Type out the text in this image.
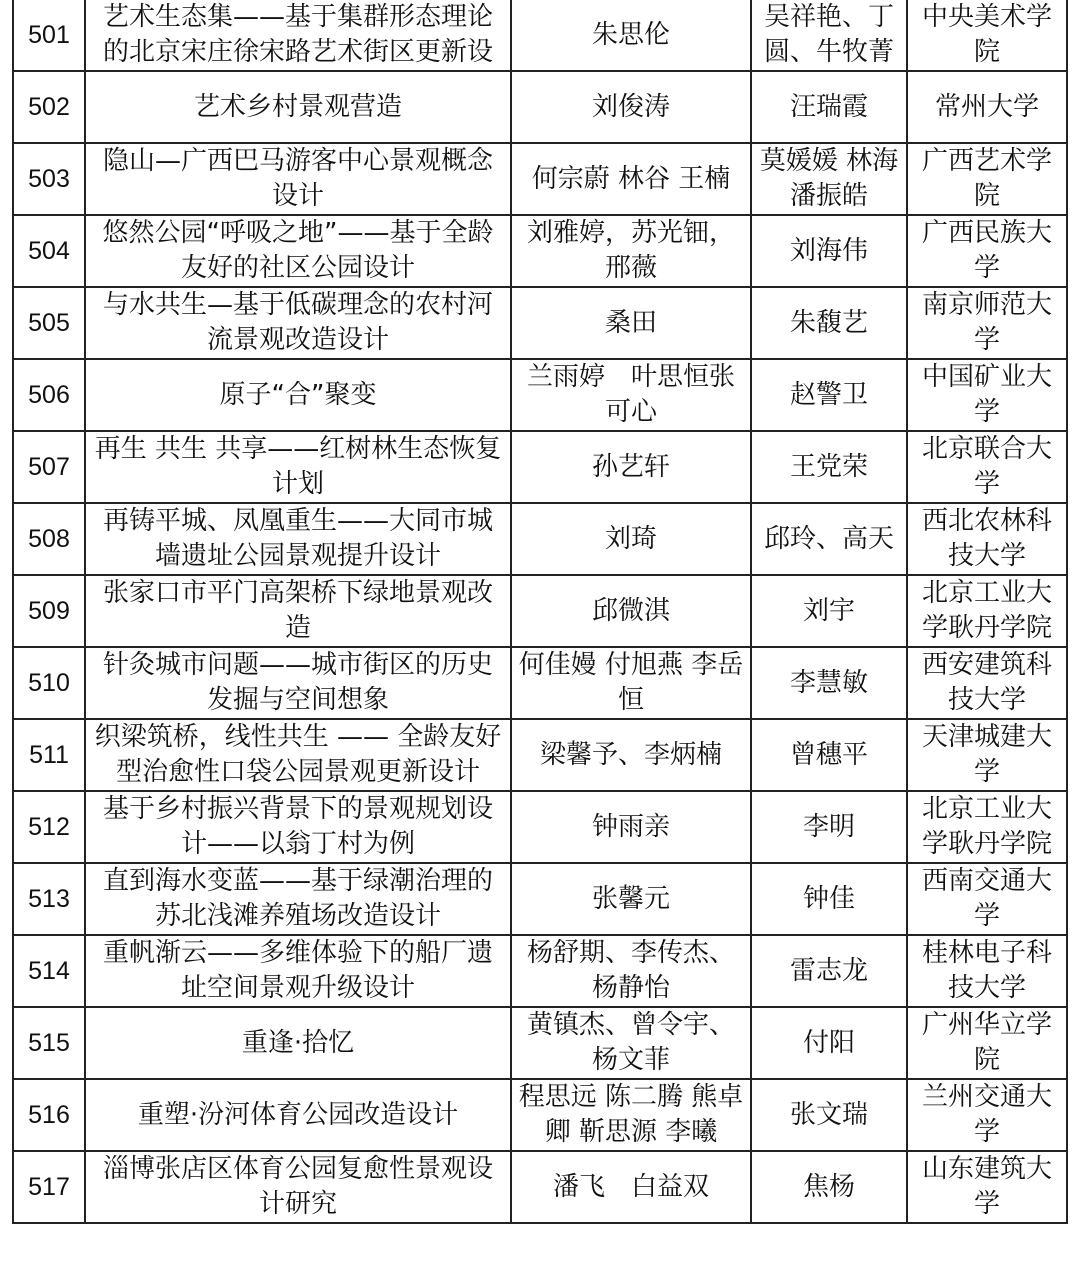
501	艺术生态集——基于集群形态理论的北京宋庄徐宋路艺术街区更新设	朱思伦	吴祥艳、丁圆、牛牧菁	中央美术学院
502	艺术乡村景观营造	刘俊涛	汪瑞霞	常州大学
503	隐山—广西巴马游客中心景观概念设计	何宗蔚 林谷 王楠	莫媛媛 林海 潘振皓	广西艺术学院
504	悠然公园“呼吸之地”——基于全龄友好的社区公园设计	刘雅婷，苏光钿，邢薇	刘海伟	广西民族大学
505	与水共生—基于低碳理念的农村河流景观改造设计	桑田	朱馥艺	南京师范大学
506	原子“合”聚变	兰雨婷　叶思恒张可心	赵警卫	中国矿业大学
507	再生 共生 共享——红树林生态恢复计划	孙艺轩	王党荣	北京联合大学
508	再铸平城、凤凰重生——大同市城墙遗址公园景观提升设计	刘琦	邱玲、高天	西北农林科技大学
509	张家口市平门高架桥下绿地景观改造	邱微淇	刘宇	北京工业大学耿丹学院
510	针灸城市问题——城市街区的历史发掘与空间想象	何佳嫚 付旭燕 李岳恒	李慧敏	西安建筑科技大学
511	织梁筑桥，线性共生 —— 全龄友好型治愈性口袋公园景观更新设计	梁馨予、李炳楠	曾穗平	天津城建大学
512	基于乡村振兴背景下的景观规划设计——以翁丁村为例	钟雨亲	李明	北京工业大学耿丹学院
513	直到海水变蓝——基于绿潮治理的苏北浅滩养殖场改造设计	张馨元	钟佳	西南交通大学
514	重帆渐云——多维体验下的船厂遗址空间景观升级设计	杨舒期、李传杰、杨静怡	雷志龙	桂林电子科技大学
515	重逢·拾忆	黄镇杰、曾令宇、杨文菲	付阳	广州华立学院
516	重塑·汾河体育公园改造设计	程思远 陈二腾 熊卓卿 靳思源 李曦	张文瑞	兰州交通大学
517	淄博张店区体育公园复愈性景观设计研究	潘飞　白益双	焦杨	山东建筑大学
